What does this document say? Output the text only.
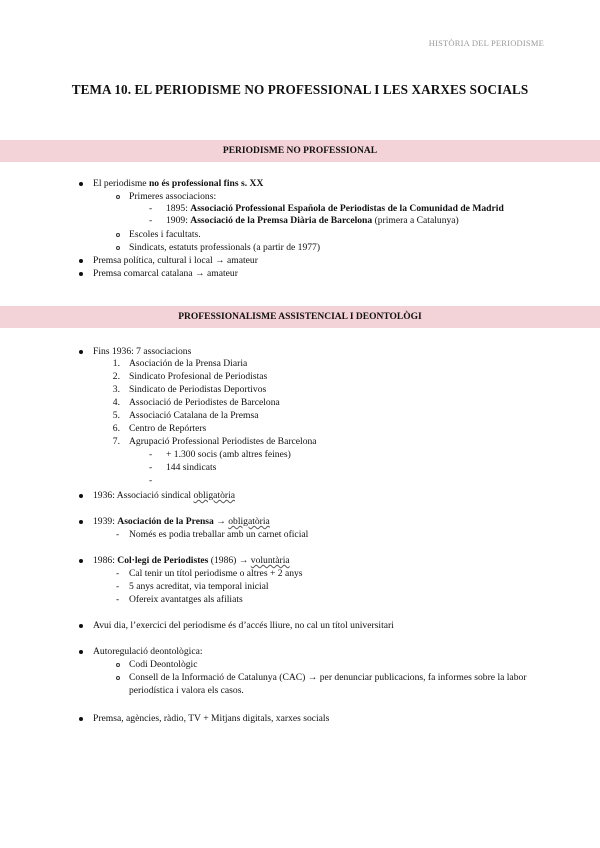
HISTÒRIA DEL PERIODISME
TEMA 10. EL PERIODISME NO PROFESSIONAL I LES XARXES SOCIALS
PERIODISME NO PROFESSIONAL
El periodisme no és professional fins s. XX
Primeres associacions:
- 1895: Associació Professional Española de Periodistas de la Comunidad de Madrid
- 1909: Associació de la Premsa Diària de Barcelona (primera a Catalunya)
Escoles i facultats.
Sindicats, estatuts professionals (a partir de 1977)
Premsa política, cultural i local → amateur
Premsa comarcal catalana → amateur
PROFESSIONALISME ASSISTENCIAL I DEONTOLÒGI
Fins 1936: 7 associacions
1. Asociación de la Prensa Diaria
2. Sindicato Profesional de Periodistas
3. Sindicato de Periodistas Deportivos
4. Associació de Periodistes de Barcelona
5. Associació Catalana de la Premsa
6. Centro de Repórters
7. Agrupació Professional Periodistes de Barcelona
- + 1.300 socis (amb altres feines)
- 144 sindicats
-
1936: Associació sindical obligatòria
1939: Asociación de la Prensa → obligatòria
- Només es podia treballar amb un carnet oficial
1986: Col·legi de Periodistes (1986) → voluntària
- Cal tenir un títol periodisme o altres + 2 anys
- 5 anys acreditat, via temporal inicial
- Ofereix avantatges als afiliats
Avui dia, l’exercici del periodisme és d’accés lliure, no cal un títol universitari
Autoregulació deontològica:
Codi Deontològic
Consell de la Informació de Catalunya (CAC) → per denunciar publicacions, fa informes sobre la labor
periodística i valora els casos.
Premsa, agències, ràdio, TV + Mitjans digitals, xarxes socials
